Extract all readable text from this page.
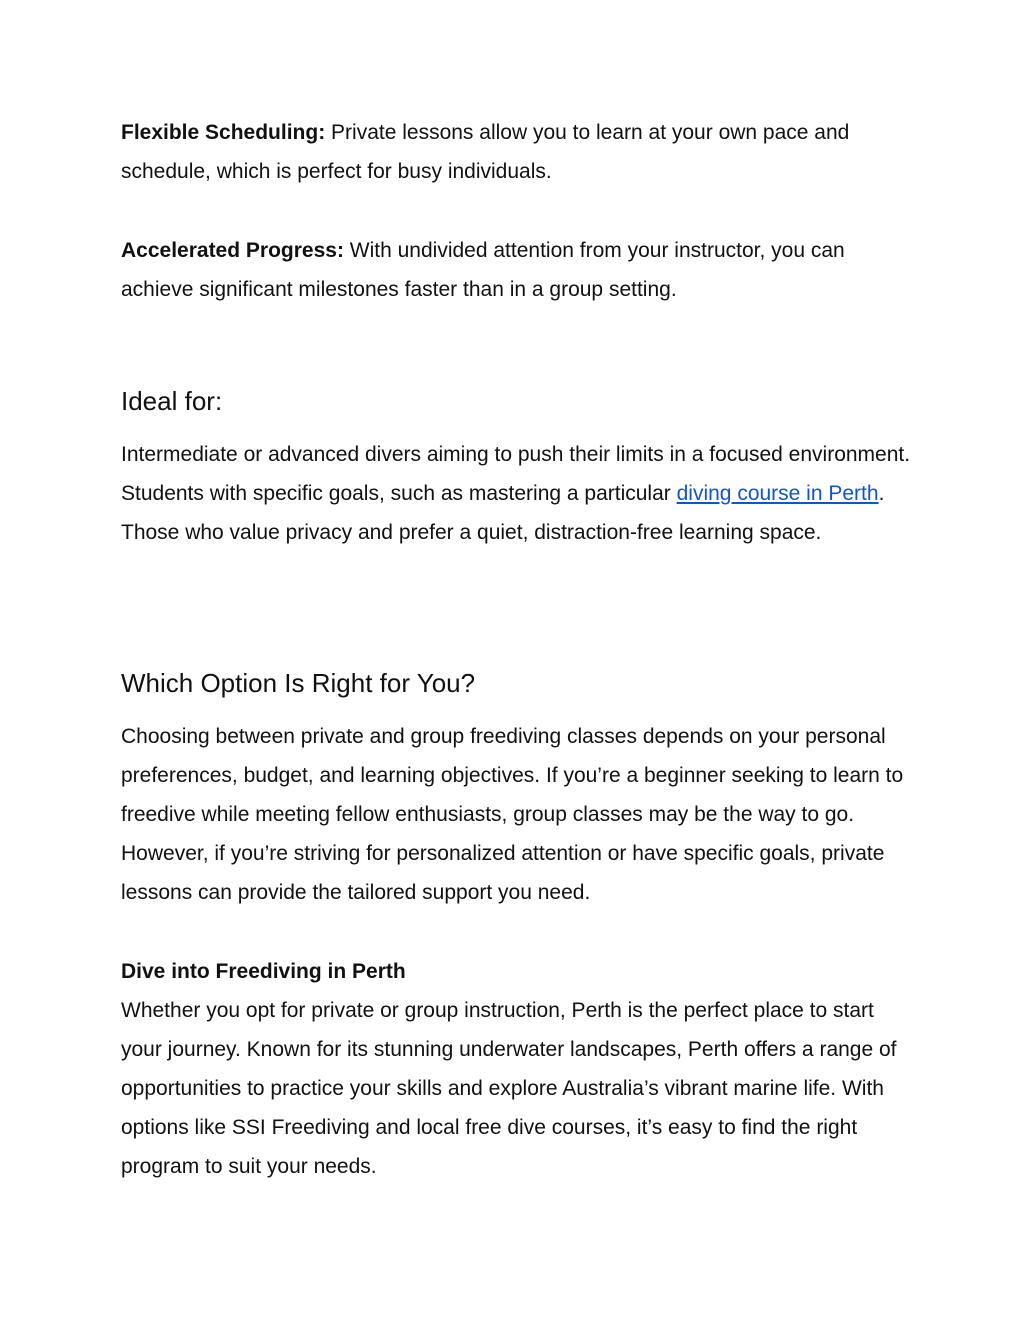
Flexible Scheduling: Private lessons allow you to learn at your own pace and schedule, which is perfect for busy individuals.

Accelerated Progress: With undivided attention from your instructor, you can achieve significant milestones faster than in a group setting.

Ideal for:
Intermediate or advanced divers aiming to push their limits in a focused environment.
Students with specific goals, such as mastering a particular diving course in Perth.
Those who value privacy and prefer a quiet, distraction-free learning space.
Which Option Is Right for You?

Choosing between private and group freediving classes depends on your personal preferences, budget, and learning objectives. If you’re a beginner seeking to learn to freedive while meeting fellow enthusiasts, group classes may be the way to go. However, if you’re striving for personalized attention or have specific goals, private lessons can provide the tailored support you need.

Dive into Freediving in Perth
Whether you opt for private or group instruction, Perth is the perfect place to start your journey. Known for its stunning underwater landscapes, Perth offers a range of opportunities to practice your skills and explore Australia’s vibrant marine life. With options like SSI Freediving and local free dive courses, it’s easy to find the right program to suit your needs.
